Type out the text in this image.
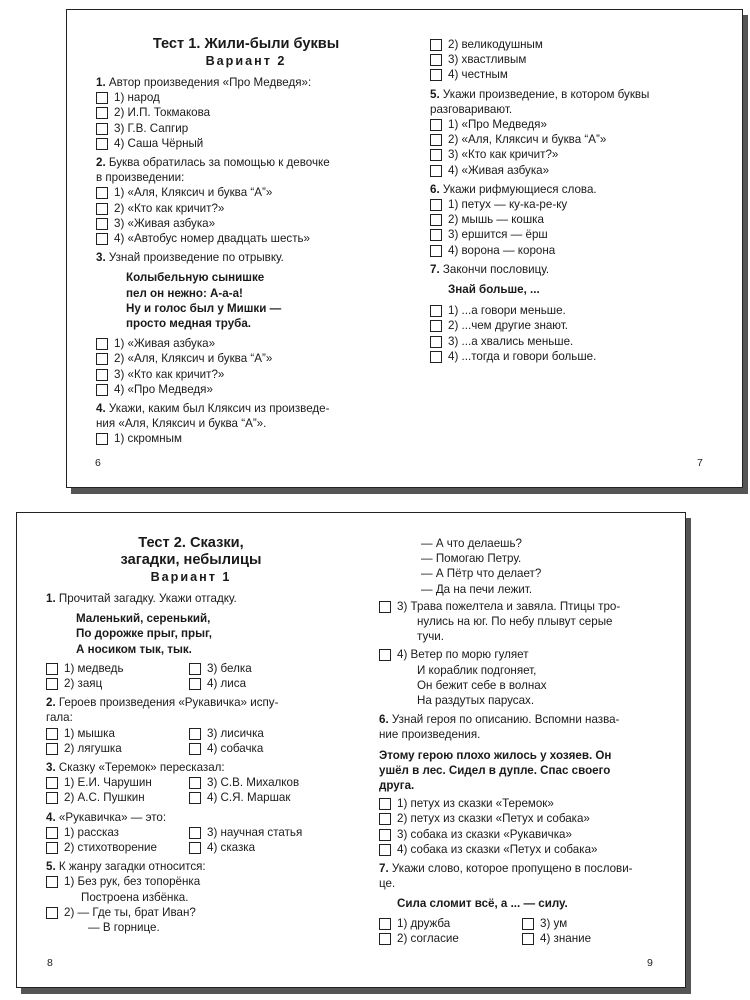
Тест 1. Жили-были буквы
Вариант 2
1. Автор произведения «Про Медведя»:
1) народ
2) И.П. Токмакова
3) Г.В. Сапгир
4) Саша Чёрный
2. Буква обратилась за помощью к девочке
в произведении:
1) «Аля, Кляксич и буква “А”»
2) «Кто как кричит?»
3) «Живая азбука»
4) «Автобус номер двадцать шесть»
3. Узнай произведение по отрывку.
Колыбельную сынишке
пел он нежно: А-а-а!
Ну и голос был у Мишки —
просто медная труба.
1) «Живая азбука»
2) «Аля, Кляксич и буква “А”»
3) «Кто как кричит?»
4) «Про Медведя»
4. Укажи, каким был Кляксич из произведе-
ния «Аля, Кляксич и буква “А”».
1) скромным
6
2) великодушным
3) хвастливым
4) честным
5. Укажи произведение, в котором буквы
разговаривают.
1) «Про Медведя»
2) «Аля, Кляксич и буква “А”»
3) «Кто как кричит?»
4) «Живая азбука»
6. Укажи рифмующиеся слова.
1) петух — ку-ка-ре-ку
2) мышь — кошка
3) ершится — ёрш
4) ворона — корона
7. Закончи пословицу.
Знай больше, ...
1) ...а говори меньше.
2) ...чем другие знают.
3) ...а хвались меньше.
4) ...тогда и говори больше.
7
Тест 2. Сказки,
загадки, небылицы
Вариант 1
1. Прочитай загадку. Укажи отгадку.
Маленький, серенький,
По дорожке прыг, прыг,
А носиком тык, тык.
1) медведь	3) белка
2) заяц	4) лиса
2. Героев произведения «Рукавичка» испу-
гала:
1) мышка	3) лисичка
2) лягушка	4) собачка
3. Сказку «Теремок» пересказал:
1) Е.И. Чарушин	3) С.В. Михалков
2) А.С. Пушкин	4) С.Я. Маршак
4. «Рукавичка» — это:
1) рассказ	3) научная статья
2) стихотворение	4) сказка
5. К жанру загадки относится:
1) Без рук, без топорёнка
Построена избёнка.
2) — Где ты, брат Иван?
— В горнице.
8
— А что делаешь?
— Помогаю Петру.
— А Пётр что делает?
— Да на печи лежит.
3) Трава пожелтела и завяла. Птицы тро-
нулись на юг. По небу плывут серые
тучи.
4) Ветер по морю гуляет
И кораблик подгоняет,
Он бежит себе в волнах
На раздутых парусах.
6. Узнай героя по описанию. Вспомни назва-
ние произведения.
Этому герою плохо жилось у хозяев. Он
ушёл в лес. Сидел в дупле. Спас своего
друга.
1) петух из сказки «Теремок»
2) петух из сказки «Петух и собака»
3) собака из сказки «Рукавичка»
4) собака из сказки «Петух и собака»
7. Укажи слово, которое пропущено в послови-
це.
Сила сломит всё, а ... — силу.
1) дружба	3) ум
2) согласие	4) знание
9
